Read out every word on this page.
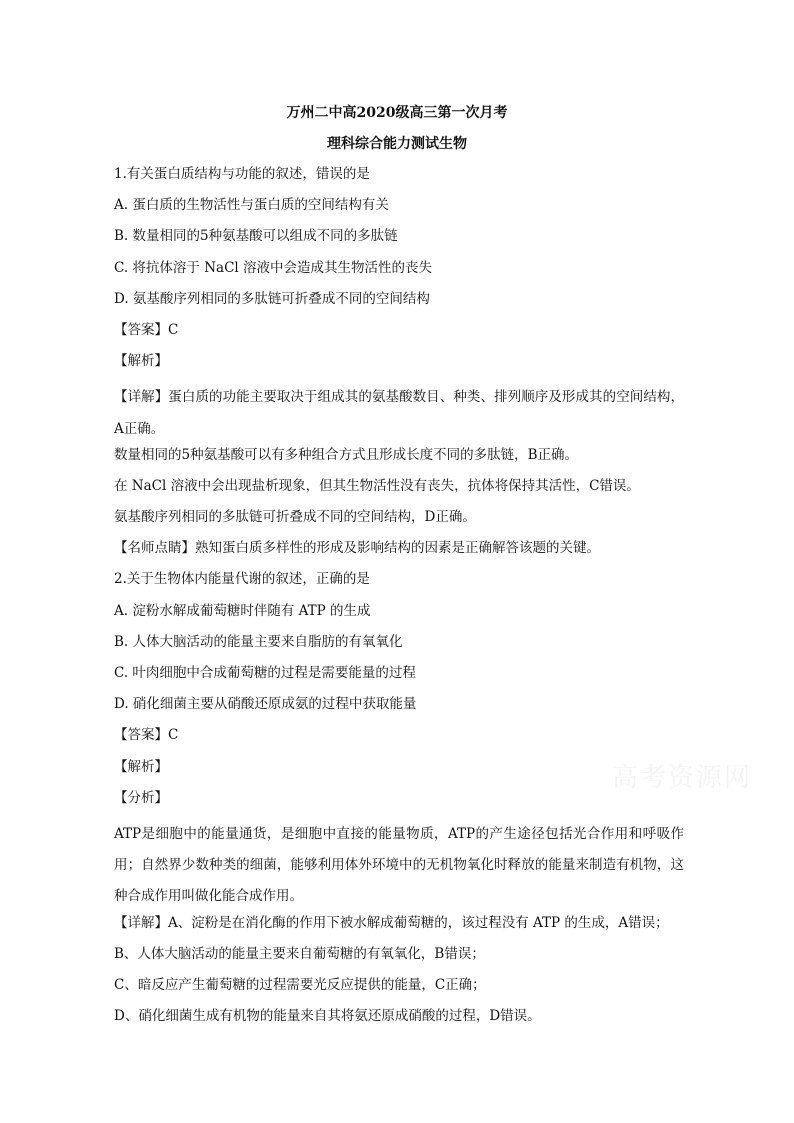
万州二中高2020级高三第一次月考
理科综合能力测试生物
1.有关蛋白质结构与功能的叙述，错误的是
A. 蛋白质的生物活性与蛋白质的空间结构有关
B. 数量相同的5种氨基酸可以组成不同的多肽链
C. 将抗体溶于 NaCl 溶液中会造成其生物活性的丧失
D. 氨基酸序列相同的多肽链可折叠成不同的空间结构
【答案】C
【解析】
【详解】蛋白质的功能主要取决于组成其的氨基酸数目、种类、排列顺序及形成其的空间结构，A正确。
数量相同的5种氨基酸可以有多种组合方式且形成长度不同的多肽链，B正确。
在 NaCl 溶液中会出现盐析现象，但其生物活性没有丧失，抗体将保持其活性，C错误。
氨基酸序列相同的多肽链可折叠成不同的空间结构，D正确。
【名师点睛】熟知蛋白质多样性的形成及影响结构的因素是正确解答该题的关键。
2.关于生物体内能量代谢的叙述，正确的是
A. 淀粉水解成葡萄糖时伴随有 ATP 的生成
B. 人体大脑活动的能量主要来自脂肪的有氧氧化
C. 叶肉细胞中合成葡萄糖的过程是需要能量的过程
D. 硝化细菌主要从硝酸还原成氨的过程中获取能量
【答案】C
【解析】
【分析】
ATP是细胞中的能量通货，是细胞中直接的能量物质，ATP的产生途径包括光合作用和呼吸作用；自然界少数种类的细菌，能够利用体外环境中的无机物氧化时释放的能量来制造有机物，这种合成作用叫做化能合成作用。
【详解】A、淀粉是在消化酶的作用下被水解成葡萄糖的，该过程没有 ATP 的生成，A错误；
B、人体大脑活动的能量主要来自葡萄糖的有氧氧化，B错误；
C、暗反应产生葡萄糖的过程需要光反应提供的能量，C正确；
D、硝化细菌生成有机物的能量来自其将氨还原成硝酸的过程，D错误。
高考资源网
